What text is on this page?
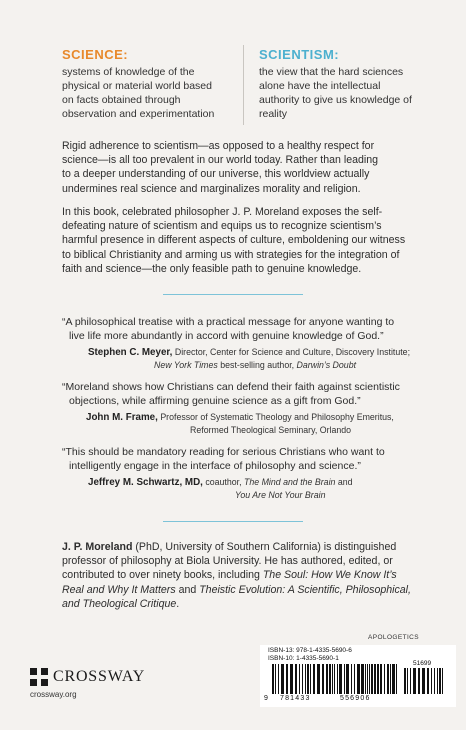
SCIENCE:
systems of knowledge of the
physical or material world based
on facts obtained through
observation and experimentation
SCIENTISM:
the view that the hard sciences
alone have the intellectual
authority to give us knowledge of
reality
Rigid adherence to scientism—as opposed to a healthy respect for
science—is all too prevalent in our world today. Rather than leading
to a deeper understanding of our universe, this worldview actually
undermines real science and marginalizes morality and religion.
In this book, celebrated philosopher J. P. Moreland exposes the self-
defeating nature of scientism and equips us to recognize scientism’s
harmful presence in different aspects of culture, emboldening our witness
to biblical Christianity and arming us with strategies for the integration of
faith and science—the only feasible path to genuine knowledge.
“A philosophical treatise with a practical message for anyone wanting to
live life more abundantly in accord with genuine knowledge of God.”
Stephen C. Meyer, Director, Center for Science and Culture, Discovery Institute;
New York Times best-selling author, Darwin’s Doubt
“Moreland shows how Christians can defend their faith against scientistic
objections, while affirming genuine science as a gift from God.”
John M. Frame, Professor of Systematic Theology and Philosophy Emeritus,
Reformed Theological Seminary, Orlando
“This should be mandatory reading for serious Christians who want to
intelligently engage in the interface of philosophy and science.”
Jeffrey M. Schwartz, MD, coauthor, The Mind and the Brain and
You Are Not Your Brain
J. P. Moreland (PhD, University of Southern California) is distinguished
professor of philosophy at Biola University. He has authored, edited, or
contributed to over ninety books, including The Soul: How We Know It’s
Real and Why It Matters and Theistic Evolution: A Scientific, Philosophical,
and Theological Critique.
APOLOGETICS
CROSSWAY
crossway.org
ISBN-13: 978-1-4335-5690-6
ISBN-10: 1-4335-5690-1
51699
9 781433	556906
